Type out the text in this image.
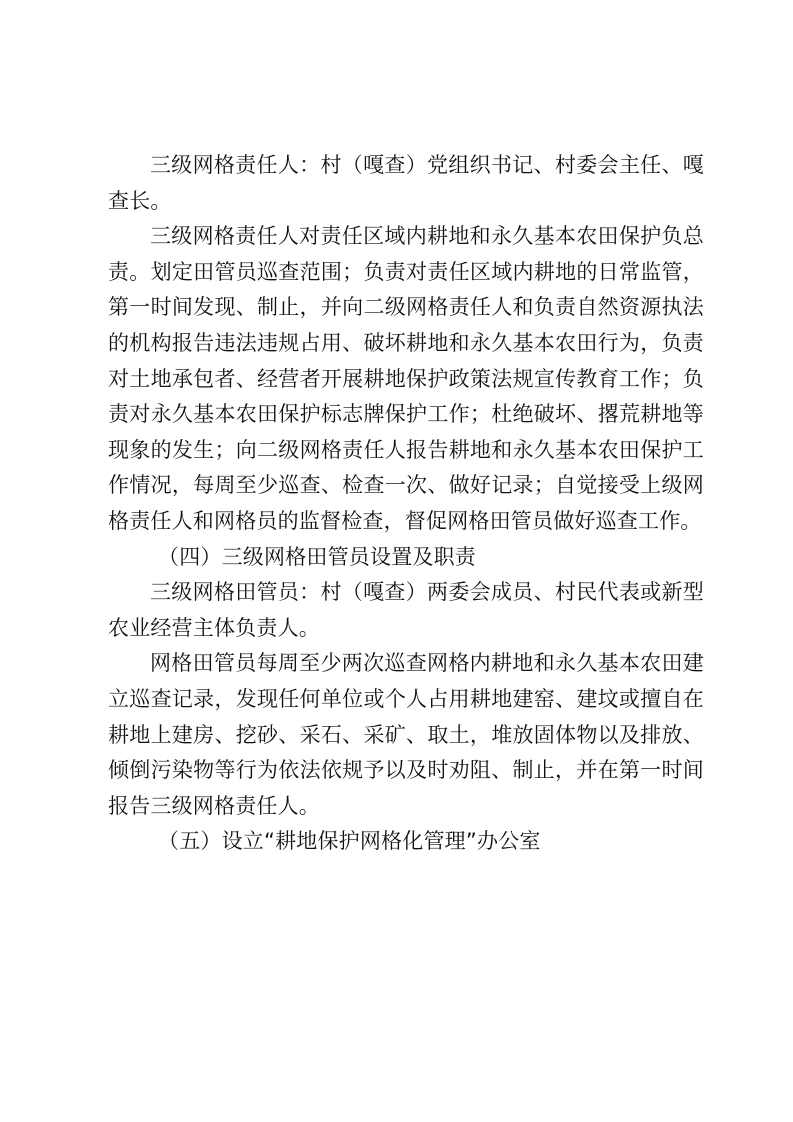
三级网格责任人：村（嘎查）党组织书记、村委会主任、嘎查长。

三级网格责任人对责任区域内耕地和永久基本农田保护负总责。划定田管员巡查范围；负责对责任区域内耕地的日常监管，第一时间发现、制止，并向二级网格责任人和负责自然资源执法的机构报告违法违规占用、破坏耕地和永久基本农田行为，负责对土地承包者、经营者开展耕地保护政策法规宣传教育工作；负责对永久基本农田保护标志牌保护工作；杜绝破坏、撂荒耕地等现象的发生；向二级网格责任人报告耕地和永久基本农田保护工作情况，每周至少巡查、检查一次、做好记录；自觉接受上级网格责任人和网格员的监督检查，督促网格田管员做好巡查工作。

（四）三级网格田管员设置及职责

三级网格田管员：村（嘎查）两委会成员、村民代表或新型农业经营主体负责人。

网格田管员每周至少两次巡查网格内耕地和永久基本农田建立巡查记录，发现任何单位或个人占用耕地建窑、建坟或擅自在耕地上建房、挖砂、采石、采矿、取土，堆放固体物以及排放、倾倒污染物等行为依法依规予以及时劝阻、制止，并在第一时间报告三级网格责任人。

（五）设立“耕地保护网格化管理”办公室
